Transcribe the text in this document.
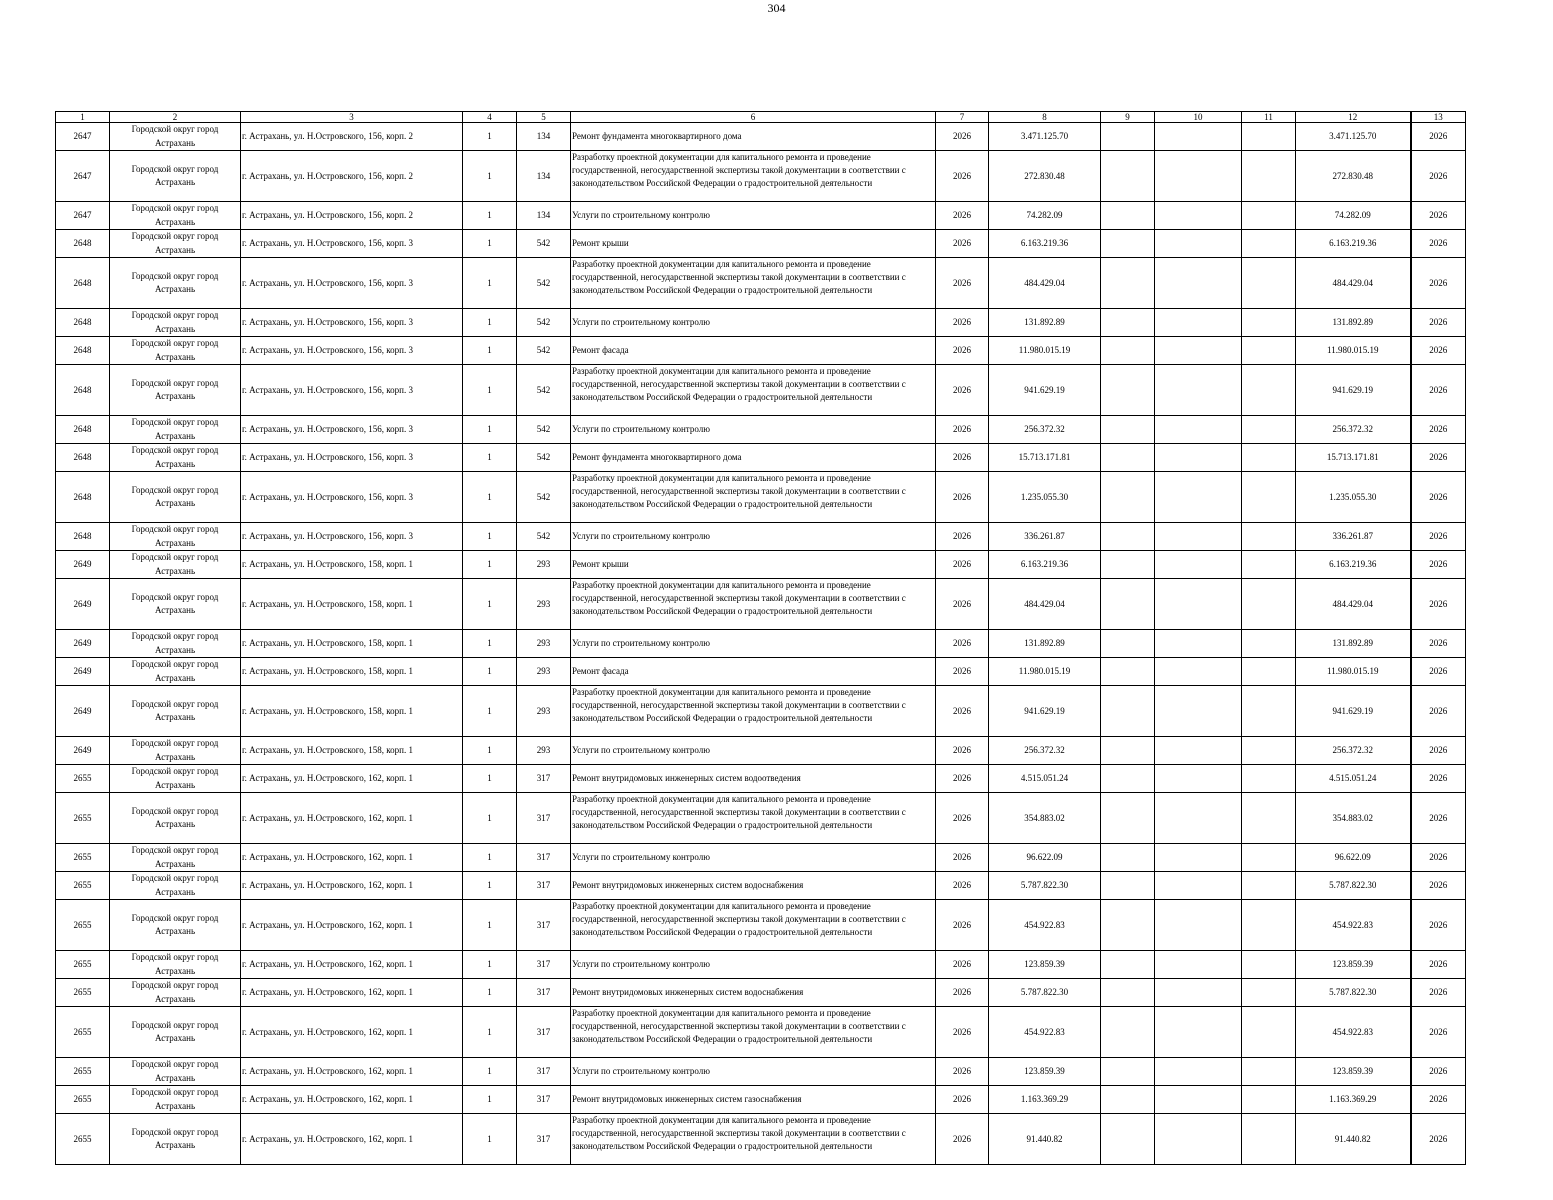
304
1	2	3	4	5	6	7	8	9	10	11	12	13
2647	Городской округ город Астрахань	г. Астрахань, ул. Н.Островского, 156, корп. 2	1	134	Ремонт фундамента многоквартирного дома	2026	3.471.125.70				3.471.125.70	2026
2647	Городской округ город Астрахань	г. Астрахань, ул. Н.Островского, 156, корп. 2	1	134	Разработку проектной документации для капитального ремонта и проведение государственной, негосударственной экспертизы такой документации в соответствии с законодательством Российской Федерации о градостроительной деятельности	2026	272.830.48				272.830.48	2026
2647	Городской округ город Астрахань	г. Астрахань, ул. Н.Островского, 156, корп. 2	1	134	Услуги по строительному контролю	2026	74.282.09				74.282.09	2026
2648	Городской округ город Астрахань	г. Астрахань, ул. Н.Островского, 156, корп. 3	1	542	Ремонт крыши	2026	6.163.219.36				6.163.219.36	2026
2648	Городской округ город Астрахань	г. Астрахань, ул. Н.Островского, 156, корп. 3	1	542	Разработку проектной документации для капитального ремонта и проведение государственной, негосударственной экспертизы такой документации в соответствии с законодательством Российской Федерации о градостроительной деятельности	2026	484.429.04				484.429.04	2026
2648	Городской округ город Астрахань	г. Астрахань, ул. Н.Островского, 156, корп. 3	1	542	Услуги по строительному контролю	2026	131.892.89				131.892.89	2026
2648	Городской округ город Астрахань	г. Астрахань, ул. Н.Островского, 156, корп. 3	1	542	Ремонт фасада	2026	11.980.015.19				11.980.015.19	2026
2648	Городской округ город Астрахань	г. Астрахань, ул. Н.Островского, 156, корп. 3	1	542	Разработку проектной документации для капитального ремонта и проведение государственной, негосударственной экспертизы такой документации в соответствии с законодательством Российской Федерации о градостроительной деятельности	2026	941.629.19				941.629.19	2026
2648	Городской округ город Астрахань	г. Астрахань, ул. Н.Островского, 156, корп. 3	1	542	Услуги по строительному контролю	2026	256.372.32				256.372.32	2026
2648	Городской округ город Астрахань	г. Астрахань, ул. Н.Островского, 156, корп. 3	1	542	Ремонт фундамента многоквартирного дома	2026	15.713.171.81				15.713.171.81	2026
2648	Городской округ город Астрахань	г. Астрахань, ул. Н.Островского, 156, корп. 3	1	542	Разработку проектной документации для капитального ремонта и проведение государственной, негосударственной экспертизы такой документации в соответствии с законодательством Российской Федерации о градостроительной деятельности	2026	1.235.055.30				1.235.055.30	2026
2648	Городской округ город Астрахань	г. Астрахань, ул. Н.Островского, 156, корп. 3	1	542	Услуги по строительному контролю	2026	336.261.87				336.261.87	2026
2649	Городской округ город Астрахань	г. Астрахань, ул. Н.Островского, 158, корп. 1	1	293	Ремонт крыши	2026	6.163.219.36				6.163.219.36	2026
2649	Городской округ город Астрахань	г. Астрахань, ул. Н.Островского, 158, корп. 1	1	293	Разработку проектной документации для капитального ремонта и проведение государственной, негосударственной экспертизы такой документации в соответствии с законодательством Российской Федерации о градостроительной деятельности	2026	484.429.04				484.429.04	2026
2649	Городской округ город Астрахань	г. Астрахань, ул. Н.Островского, 158, корп. 1	1	293	Услуги по строительному контролю	2026	131.892.89				131.892.89	2026
2649	Городской округ город Астрахань	г. Астрахань, ул. Н.Островского, 158, корп. 1	1	293	Ремонт фасада	2026	11.980.015.19				11.980.015.19	2026
2649	Городской округ город Астрахань	г. Астрахань, ул. Н.Островского, 158, корп. 1	1	293	Разработку проектной документации для капитального ремонта и проведение государственной, негосударственной экспертизы такой документации в соответствии с законодательством Российской Федерации о градостроительной деятельности	2026	941.629.19				941.629.19	2026
2649	Городской округ город Астрахань	г. Астрахань, ул. Н.Островского, 158, корп. 1	1	293	Услуги по строительному контролю	2026	256.372.32				256.372.32	2026
2655	Городской округ город Астрахань	г. Астрахань, ул. Н.Островского, 162, корп. 1	1	317	Ремонт внутридомовых инженерных систем водоотведения	2026	4.515.051.24				4.515.051.24	2026
2655	Городской округ город Астрахань	г. Астрахань, ул. Н.Островского, 162, корп. 1	1	317	Разработку проектной документации для капитального ремонта и проведение государственной, негосударственной экспертизы такой документации в соответствии с законодательством Российской Федерации о градостроительной деятельности	2026	354.883.02				354.883.02	2026
2655	Городской округ город Астрахань	г. Астрахань, ул. Н.Островского, 162, корп. 1	1	317	Услуги по строительному контролю	2026	96.622.09				96.622.09	2026
2655	Городской округ город Астрахань	г. Астрахань, ул. Н.Островского, 162, корп. 1	1	317	Ремонт внутридомовых инженерных систем водоснабжения	2026	5.787.822.30				5.787.822.30	2026
2655	Городской округ город Астрахань	г. Астрахань, ул. Н.Островского, 162, корп. 1	1	317	Разработку проектной документации для капитального ремонта и проведение государственной, негосударственной экспертизы такой документации в соответствии с законодательством Российской Федерации о градостроительной деятельности	2026	454.922.83				454.922.83	2026
2655	Городской округ город Астрахань	г. Астрахань, ул. Н.Островского, 162, корп. 1	1	317	Услуги по строительному контролю	2026	123.859.39				123.859.39	2026
2655	Городской округ город Астрахань	г. Астрахань, ул. Н.Островского, 162, корп. 1	1	317	Ремонт внутридомовых инженерных систем водоснабжения	2026	5.787.822.30				5.787.822.30	2026
2655	Городской округ город Астрахань	г. Астрахань, ул. Н.Островского, 162, корп. 1	1	317	Разработку проектной документации для капитального ремонта и проведение государственной, негосударственной экспертизы такой документации в соответствии с законодательством Российской Федерации о градостроительной деятельности	2026	454.922.83				454.922.83	2026
2655	Городской округ город Астрахань	г. Астрахань, ул. Н.Островского, 162, корп. 1	1	317	Услуги по строительному контролю	2026	123.859.39				123.859.39	2026
2655	Городской округ город Астрахань	г. Астрахань, ул. Н.Островского, 162, корп. 1	1	317	Ремонт внутридомовых инженерных систем газоснабжения	2026	1.163.369.29				1.163.369.29	2026
2655	Городской округ город Астрахань	г. Астрахань, ул. Н.Островского, 162, корп. 1	1	317	Разработку проектной документации для капитального ремонта и проведение государственной, негосударственной экспертизы такой документации в соответствии с законодательством Российской Федерации о градостроительной деятельности	2026	91.440.82				91.440.82	2026
